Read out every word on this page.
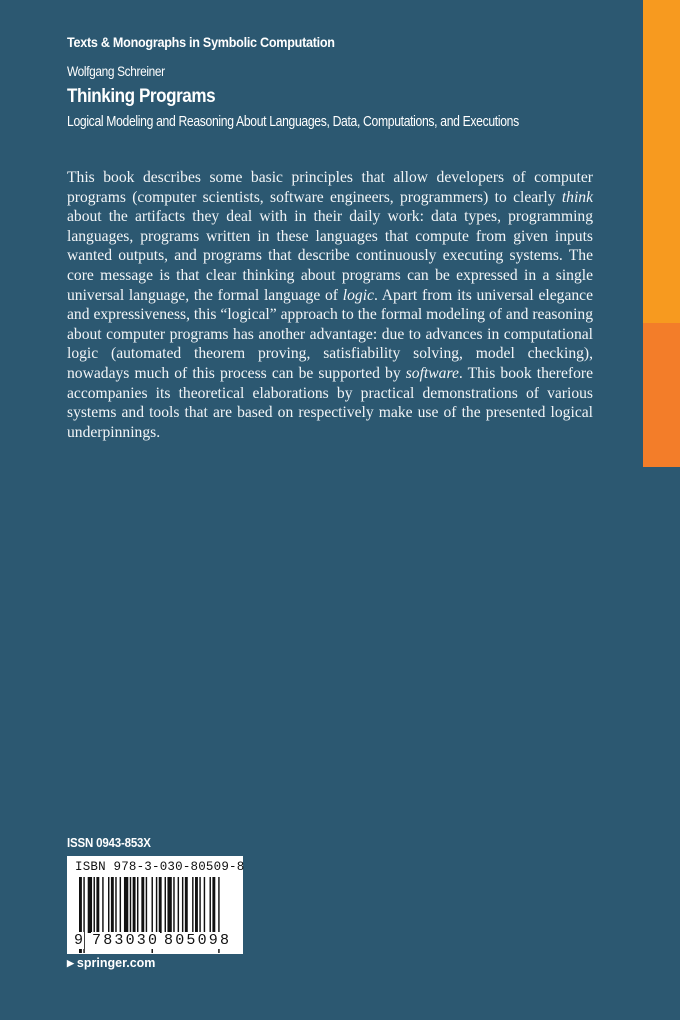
Texts & Monographs in Symbolic Computation
Wolfgang Schreiner
Thinking Programs
Logical Modeling and Reasoning About Languages, Data, Computations, and Executions

This book describes some basic principles that allow developers of computer programs (computer scientists, software engineers, programmers) to clearly think about the artifacts they deal with in their daily work: data types, programming languages, programs written in these languages that compute from given inputs wanted outputs, and programs that describe continuously executing systems. The core message is that clear thinking about programs can be expressed in a single universal language, the formal language of logic. Apart from its universal elegance and expressiveness, this “logical” approach to the formal modeling of and reasoning about computer programs has another advantage: due to advances in computational logic (automated theorem proving, satisfiability solving, model checking), nowadays much of this process can be supported by software. This book therefore accompanies its theoretical elaborations by practical demonstrations of various systems and tools that are based on respectively make use of the presented logical underpinnings.

ISSN 0943-853X
ISBN 978-3-030-80509-8
9 783030 805098
▶ springer.com
